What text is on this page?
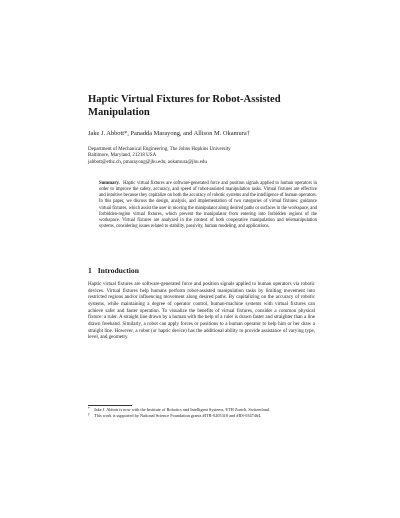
Haptic Virtual Fixtures for Robot-Assisted Manipulation
Jake J. Abbott*, Panadda Marayong, and Allison M. Okamura†
Department of Mechanical Engineering, The Johns Hopkins University
Baltimore, Maryland, 21218 USA
jabbott@ethz.ch, pmarayong@jhu.edu, aokamura@jhu.edu
Summary. Haptic virtual fixtures are software-generated force and position signals applied to human operators in order to improve the safety, accuracy, and speed of robot-assisted manipulation tasks. Virtual fixtures are effective and intuitive because they capitalize on both the accuracy of robotic systems and the intelligence of human operators. In this paper, we discuss the design, analysis, and implementation of two categories of virtual fixtures: guidance virtual fixtures, which assist the user in moving the manipulator along desired paths or surfaces in the workspace, and forbidden-region virtual fixtures, which prevent the manipulator from entering into forbidden regions of the workspace. Virtual fixtures are analyzed in the context of both cooperative manipulation and telemanipulation systems, considering issues related to stability, passivity, human modeling, and applications.
1 Introduction
Haptic virtual fixtures are software-generated force and position signals applied to human operators via robotic devices. Virtual fixtures help humans perform robot-assisted manipulation tasks by limiting movement into restricted regions and/or influencing movement along desired paths. By capitalizing on the accuracy of robotic systems, while maintaining a degree of operator control, human-machine systems with virtual fixtures can achieve safer and faster operation. To visualize the benefits of virtual fixtures, consider a common physical fixture: a ruler. A straight line drawn by a human with the help of a ruler is drawn faster and straighter than a line drawn freehand. Similarly, a robot can apply forces or positions to a human operator to help him or her draw a straight line. However, a robot (or haptic device) has the additional ability to provide assistance of varying type, level, and geometry.
* Jake J. Abbott is now with the Institute of Robotics and Intelligent Systems, ETH Zurich, Switzerland.
† This work is supported by National Science Foundation grants #ITR-0205318 and #IIS-0347464.
